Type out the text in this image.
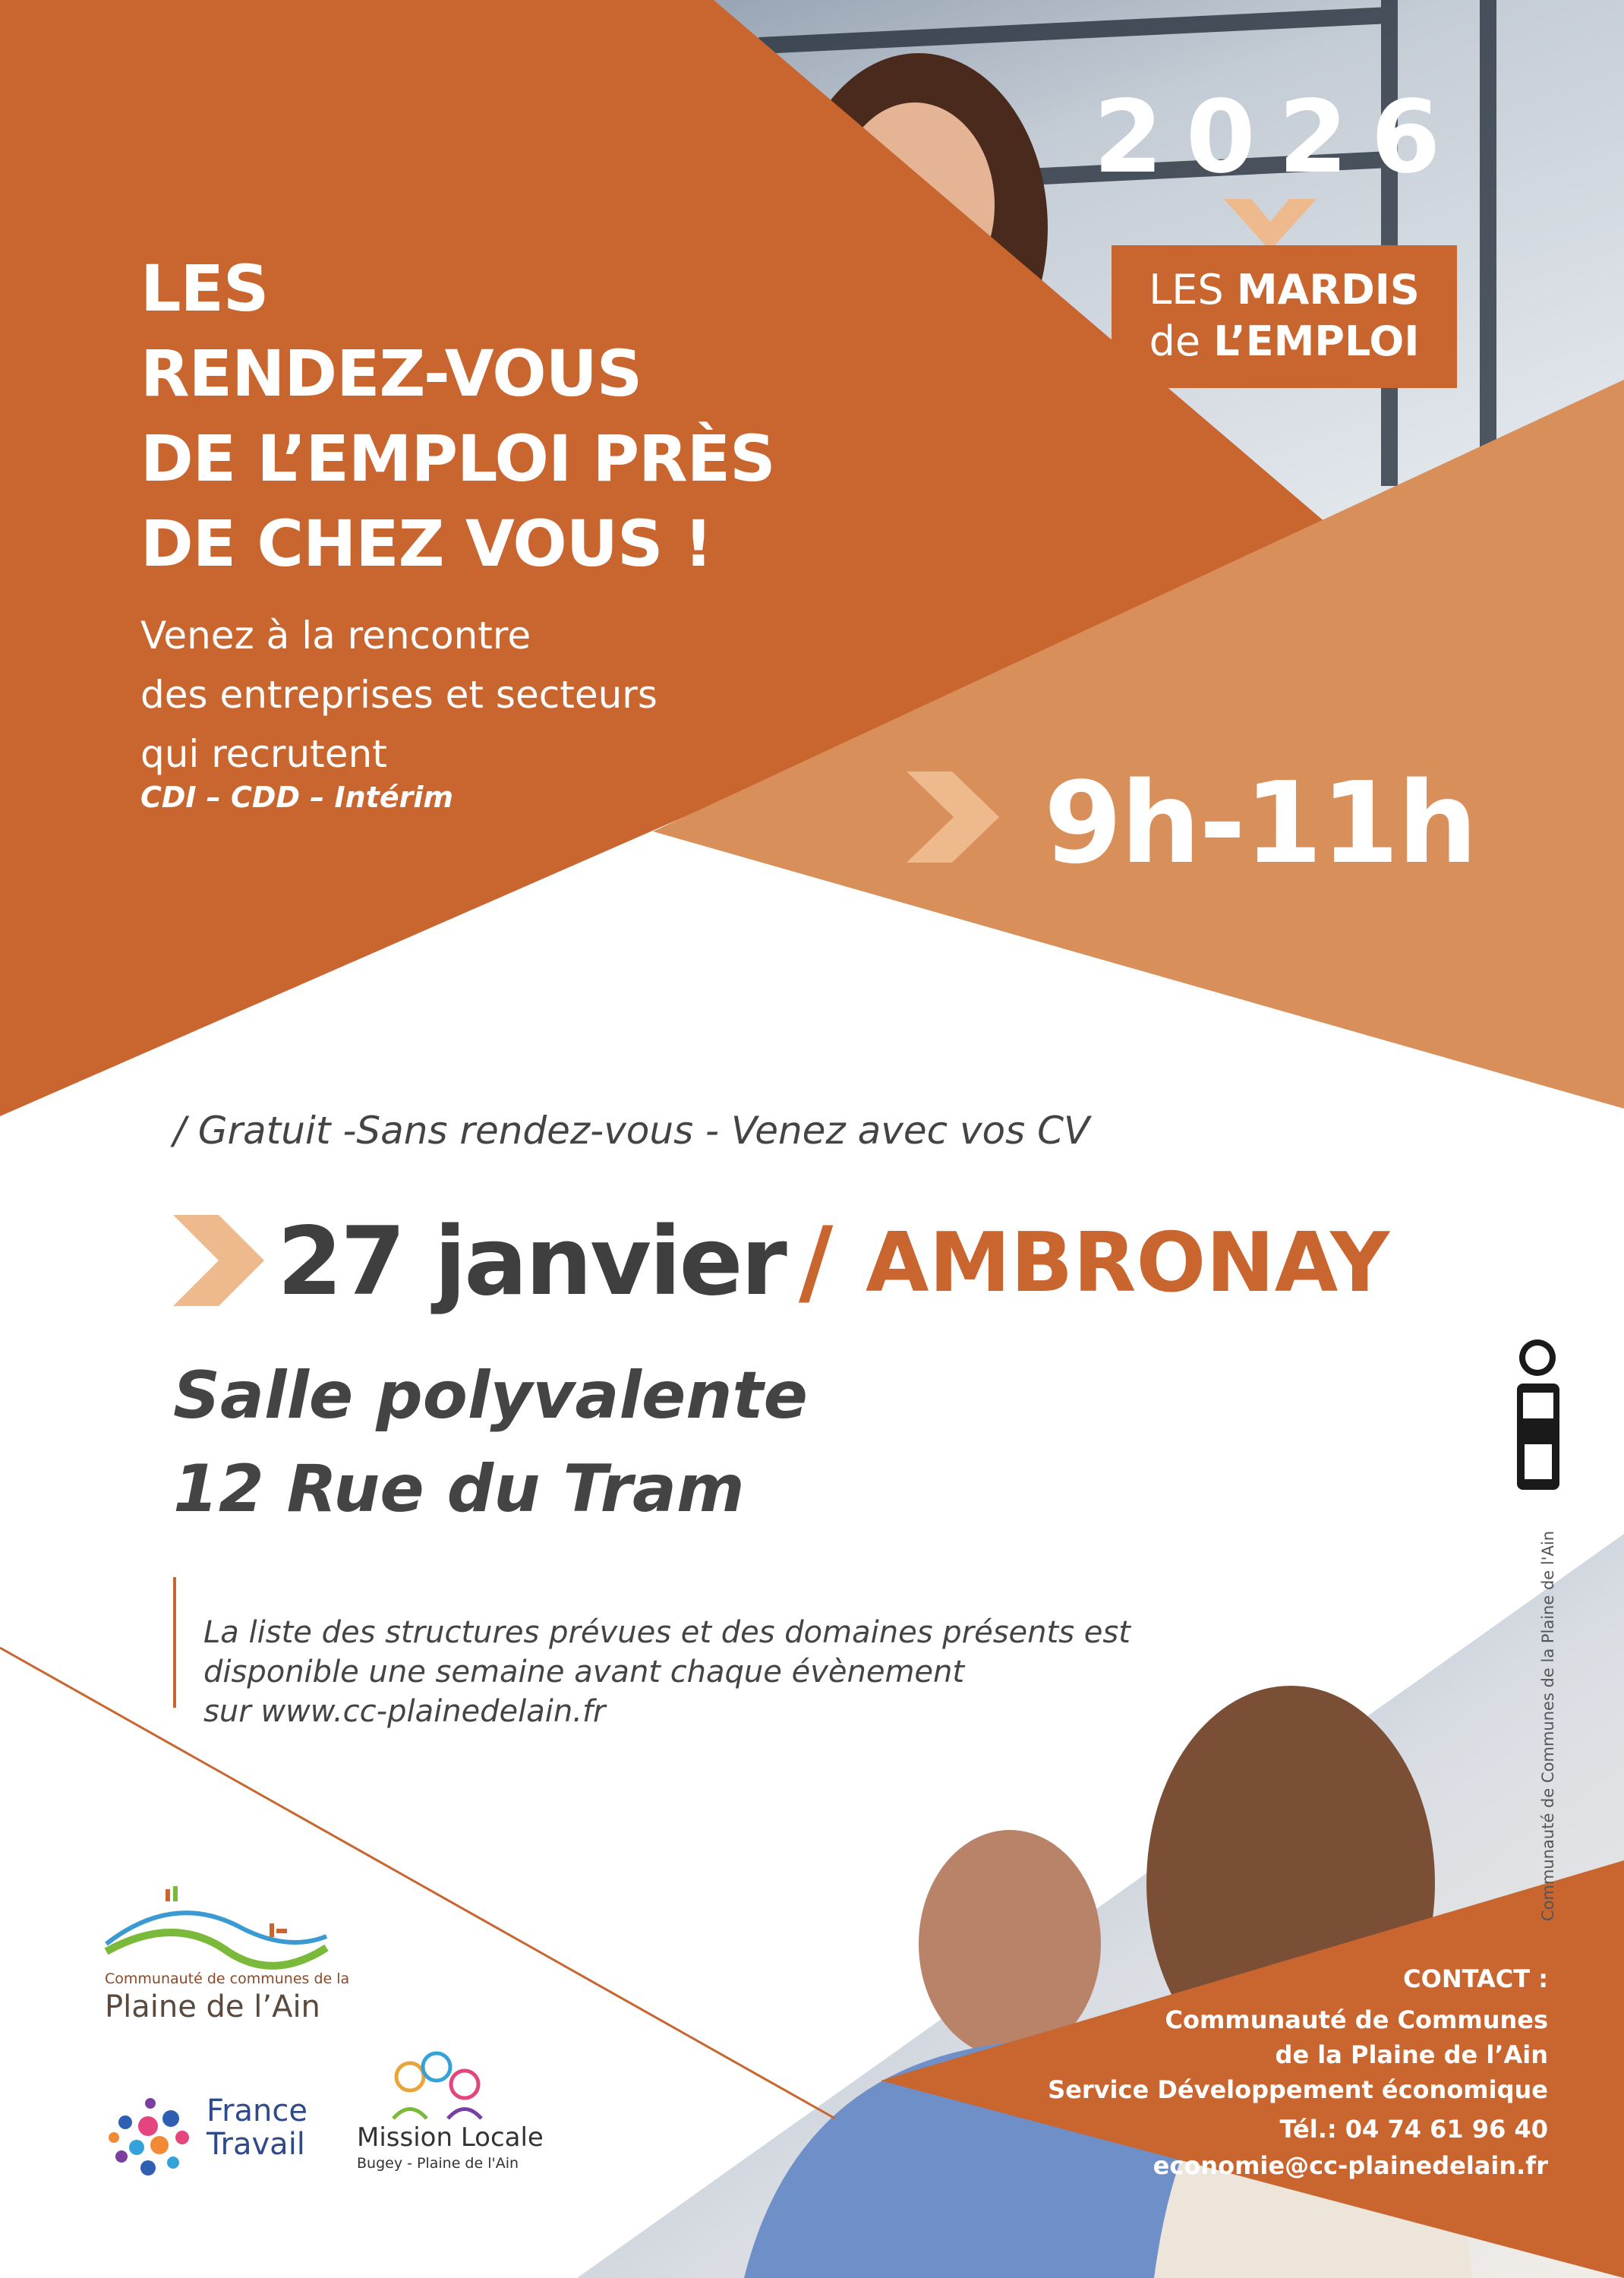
LES
RENDEZ-VOUS
DE L’EMPLOI PRÈS
DE CHEZ VOUS !

Venez à la rencontre

des entreprises et secteurs

qui recrutent

CDI – CDD – Intérim
2026
LES MARDIS
de L’EMPLOI
9h-11h
/ Gratuit -Sans rendez-vous - Venez avec vos CV
27 janvier / AMBRONAY
Salle polyvalente
12 Rue du Tram

La liste des structures prévues et des domaines présents est

disponible une semaine avant chaque évènement

sur www.cc-plainedelain.fr	Communauté de Communes de la Plaine de l'Ain
CONTACT :
Communauté de Communes
de la Plaine de l’Ain
Service Développement économique
Tél.: 04 74 61 96 40
economie@cc-plainedelain.fr
Communauté de communes de la
Plaine de l’Ain
France
Travail Mission Locale
Bugey - Plaine de l'Ain
